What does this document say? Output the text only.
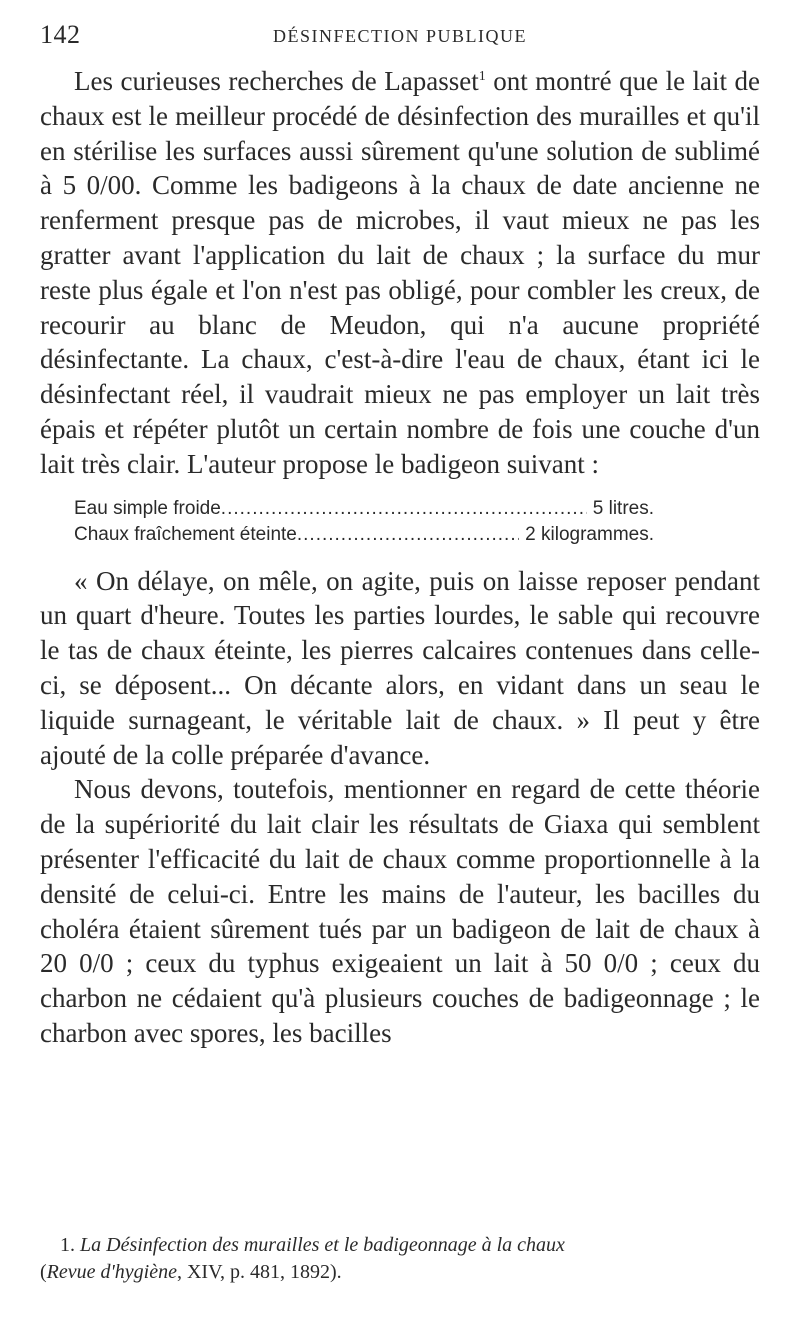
142	DÉSINFECTION PUBLIQUE

Les curieuses recherches de Lapasset$^1$ ont montré que le lait de chaux est le meilleur procédé de désinfection des murailles et qu'il en stérilise les surfaces aussi sûrement qu'une solution de sublimé à 5 0/00. Comme les badigeons à la chaux de date ancienne ne renferment presque pas de microbes, il vaut mieux ne pas les gratter avant l'application du lait de chaux ; la surface du mur reste plus égale et l'on n'est pas obligé, pour combler les creux, de recourir au blanc de Meudon, qui n'a aucune propriété désinfectante. La chaux, c'est-à-dire l'eau de chaux, étant ici le désinfectant réel, il vaudrait mieux ne pas employer un lait très épais et répéter plutôt un certain nombre de fois une couche d'un lait très clair. L'auteur propose le badigeon suivant :

Eau simple froide .....	5 litres.
Chaux fraîchement éteinte .....	2 kilogrammes.

« On délaye, on mêle, on agite, puis on laisse reposer pendant un quart d'heure. Toutes les parties lourdes, le sable qui recouvre le tas de chaux éteinte, les pierres calcaires contenues dans celle-ci, se déposent... On décante alors, en vidant dans un seau le liquide surnageant, le véritable lait de chaux. » Il peut y être ajouté de la colle préparée d'avance.

Nous devons, toutefois, mentionner en regard de cette théorie de la supériorité du lait clair les résultats de Giaxa qui semblent présenter l'efficacité du lait de chaux comme proportionnelle à la densité de celui-ci. Entre les mains de l'auteur, les bacilles du choléra étaient sûrement tués par un badigeon de lait de chaux à 20 0/0 ; ceux du typhus exigeaient un lait à 50 0/0 ; ceux du charbon ne cédaient qu'à plusieurs couches de badigeonnage ; le charbon avec spores, les bacilles

1. La Désinfection des murailles et le badigeonnage à la chaux
(Revue d'hygiène, XIV, p. 481, 1892).
